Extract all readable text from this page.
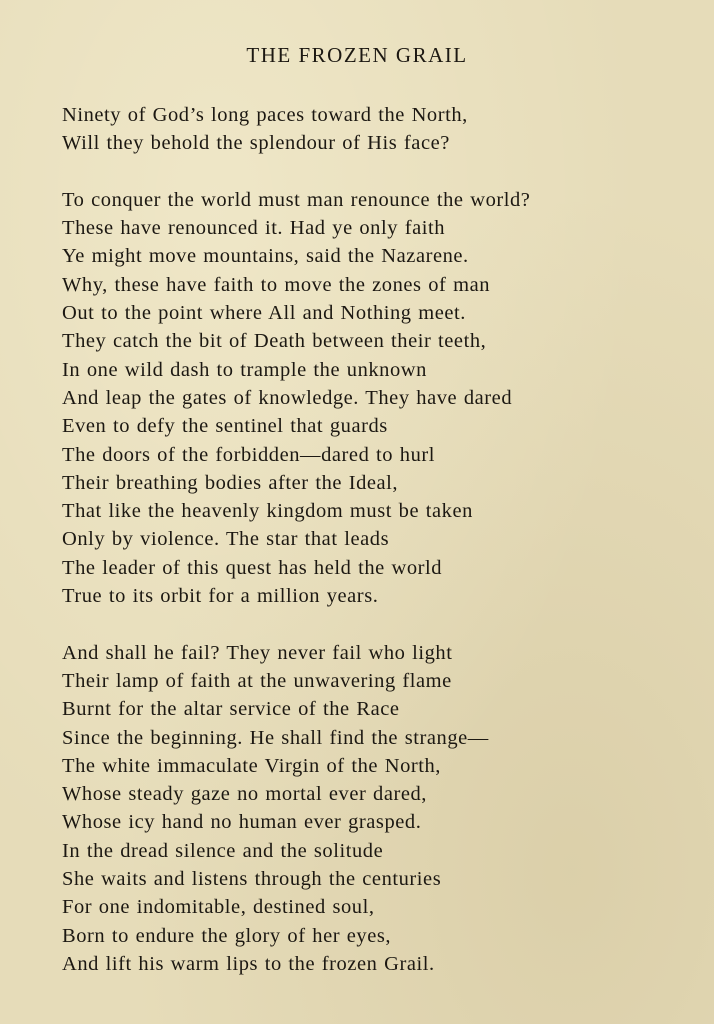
THE FROZEN GRAIL
Ninety of God’s long paces toward the North,
Will they behold the splendour of His face?
To conquer the world must man renounce the world?
These have renounced it. Had ye only faith
Ye might move mountains, said the Nazarene.
Why, these have faith to move the zones of man
Out to the point where All and Nothing meet.
They catch the bit of Death between their teeth,
In one wild dash to trample the unknown
And leap the gates of knowledge. They have dared
Even to defy the sentinel that guards
The doors of the forbidden—dared to hurl
Their breathing bodies after the Ideal,
That like the heavenly kingdom must be taken
Only by violence. The star that leads
The leader of this quest has held the world
True to its orbit for a million years.
And shall he fail? They never fail who light
Their lamp of faith at the unwavering flame
Burnt for the altar service of the Race
Since the beginning. He shall find the strange—
The white immaculate Virgin of the North,
Whose steady gaze no mortal ever dared,
Whose icy hand no human ever grasped.
In the dread silence and the solitude
She waits and listens through the centuries
For one indomitable, destined soul,
Born to endure the glory of her eyes,
And lift his warm lips to the frozen Grail.
